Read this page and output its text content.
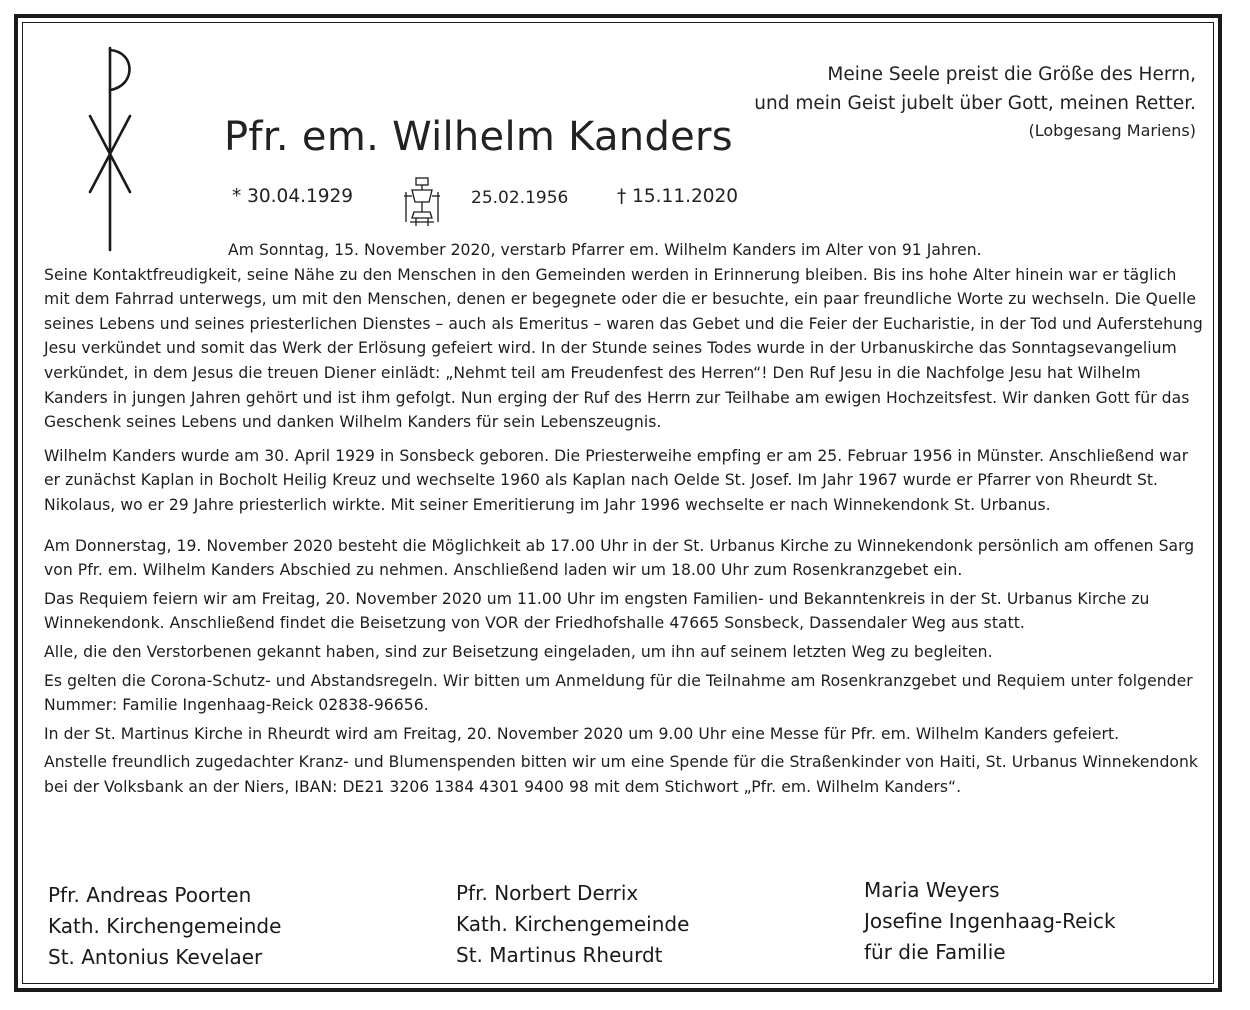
Pfr. em. Wilhelm Kanders
Meine Seele preist die Größe des Herrn,
und mein Geist jubelt über Gott, meinen Retter.
(Lobgesang Mariens)
* 30.04.1929	25.02.1956	† 15.11.2020

Am Sonntag, 15. November 2020, verstarb Pfarrer em. Wilhelm Kanders im Alter von 91 Jahren.

Seine Kontaktfreudigkeit, seine Nähe zu den Menschen in den Gemeinden werden in Erinnerung bleiben. Bis ins hohe Alter hinein war er täglich mit dem Fahrrad unterwegs, um mit den Menschen, denen er begegnete oder die er besuchte, ein paar freundliche Worte zu wechseln. Die Quelle seines Lebens und seines priesterlichen Dienstes – auch als Emeritus – waren das Gebet und die Feier der Eucharistie, in der Tod und Auferstehung Jesu verkündet und somit das Werk der Erlösung gefeiert wird. In der Stunde seines Todes wurde in der Urbanuskirche das Sonntagsevangelium verkündet, in dem Jesus die treuen Diener einlädt: „Nehmt teil am Freudenfest des Herren“! Den Ruf Jesu in die Nachfolge Jesu hat Wilhelm Kanders in jungen Jahren gehört und ist ihm gefolgt. Nun erging der Ruf des Herrn zur Teilhabe am ewigen Hochzeitsfest. Wir danken Gott für das Geschenk seines Lebens und danken Wilhelm Kanders für sein Lebenszeugnis.

Wilhelm Kanders wurde am 30. April 1929 in Sonsbeck geboren. Die Priesterweihe empfing er am 25. Februar 1956 in Münster. Anschließend war er zunächst Kaplan in Bocholt Heilig Kreuz und wechselte 1960 als Kaplan nach Oelde St. Josef. Im Jahr 1967 wurde er Pfarrer von Rheurdt St. Nikolaus, wo er 29 Jahre priesterlich wirkte. Mit seiner Emeritierung im Jahr 1996 wechselte er nach Winnekendonk St. Urbanus.

Am Donnerstag, 19. November 2020 besteht die Möglichkeit ab 17.00 Uhr in der St. Urbanus Kirche zu Winnekendonk persönlich am offenen Sarg von Pfr. em. Wilhelm Kanders Abschied zu nehmen. Anschließend laden wir um 18.00 Uhr zum Rosenkranzgebet ein.

Das Requiem feiern wir am Freitag, 20. November 2020 um 11.00 Uhr im engsten Familien- und Bekanntenkreis in der St. Urbanus Kirche zu Winnekendonk. Anschließend findet die Beisetzung von VOR der Friedhofshalle 47665 Sonsbeck, Dassendaler Weg aus statt.

Alle, die den Verstorbenen gekannt haben, sind zur Beisetzung eingeladen, um ihn auf seinem letzten Weg zu begleiten.

Es gelten die Corona-Schutz- und Abstandsregeln. Wir bitten um Anmeldung für die Teilnahme am Rosenkranzgebet und Requiem unter folgender Nummer: Familie Ingenhaag-Reick 02838-96656.

In der St. Martinus Kirche in Rheurdt wird am Freitag, 20. November 2020 um 9.00 Uhr eine Messe für Pfr. em. Wilhelm Kanders gefeiert.

Anstelle freundlich zugedachter Kranz- und Blumenspenden bitten wir um eine Spende für die Straßenkinder von Haiti, St. Urbanus Winnekendonk bei der Volksbank an der Niers, IBAN: DE21 3206 1384 4301 9400 98 mit dem Stichwort „Pfr. em. Wilhelm Kanders“.

Pfr. Andreas Poorten
Kath. Kirchengemeinde
St. Antonius Kevelaer
Pfr. Norbert Derrix
Kath. Kirchengemeinde
St. Martinus Rheurdt
Maria Weyers
Josefine Ingenhaag-Reick
für die Familie
